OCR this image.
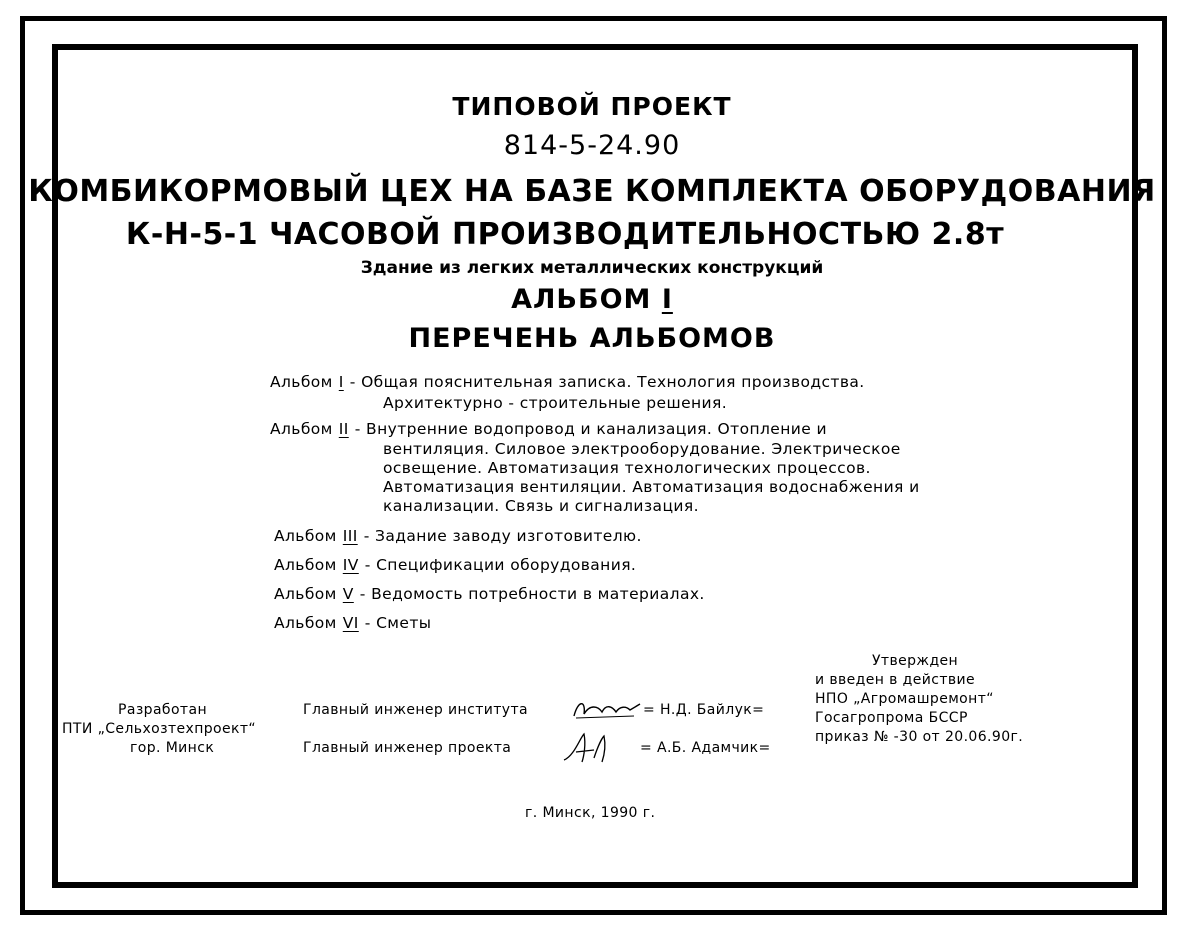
ТИПОВОЙ ПРОЕКТ
814-5-24.90
КОМБИКОРМОВЫЙ ЦЕХ НА БАЗЕ КОМПЛЕКТА ОБОРУДОВАНИЯ
К-Н-5-1 ЧАСОВОЙ ПРОИЗВОДИТЕЛЬНОСТЬЮ 2.8т
Здание из легких металлических конструкций
АЛЬБОМ I
ПЕРЕЧЕНЬ АЛЬБОМОВ
Альбом I - Общая пояснительная записка. Технология производства.
Архитектурно - строительные решения.
Альбом II - Внутренние водопровод и канализация. Отопление и
вентиляция. Силовое электрооборудование. Электрическое
освещение. Автоматизация технологических процессов.
Автоматизация вентиляции. Автоматизация водоснабжения и
канализации. Связь и сигнализация.
Альбом III - Задание заводу изготовителю.
Альбом IV - Спецификации оборудования.
Альбом V - Ведомость потребности в материалах.
Альбом VI - Сметы
Разработан
ПТИ „Сельхозтехпроект“
гор. Минск
Главный инженер института	= Н.Д. Байлук=
Главный инженер проекта	= А.Б. Адамчик=
Утвержден
и введен в действие
НПО „Агромашремонт“
Госагропрома БССР
приказ № -30 от 20.06.90г.
г. Минск, 1990 г.
